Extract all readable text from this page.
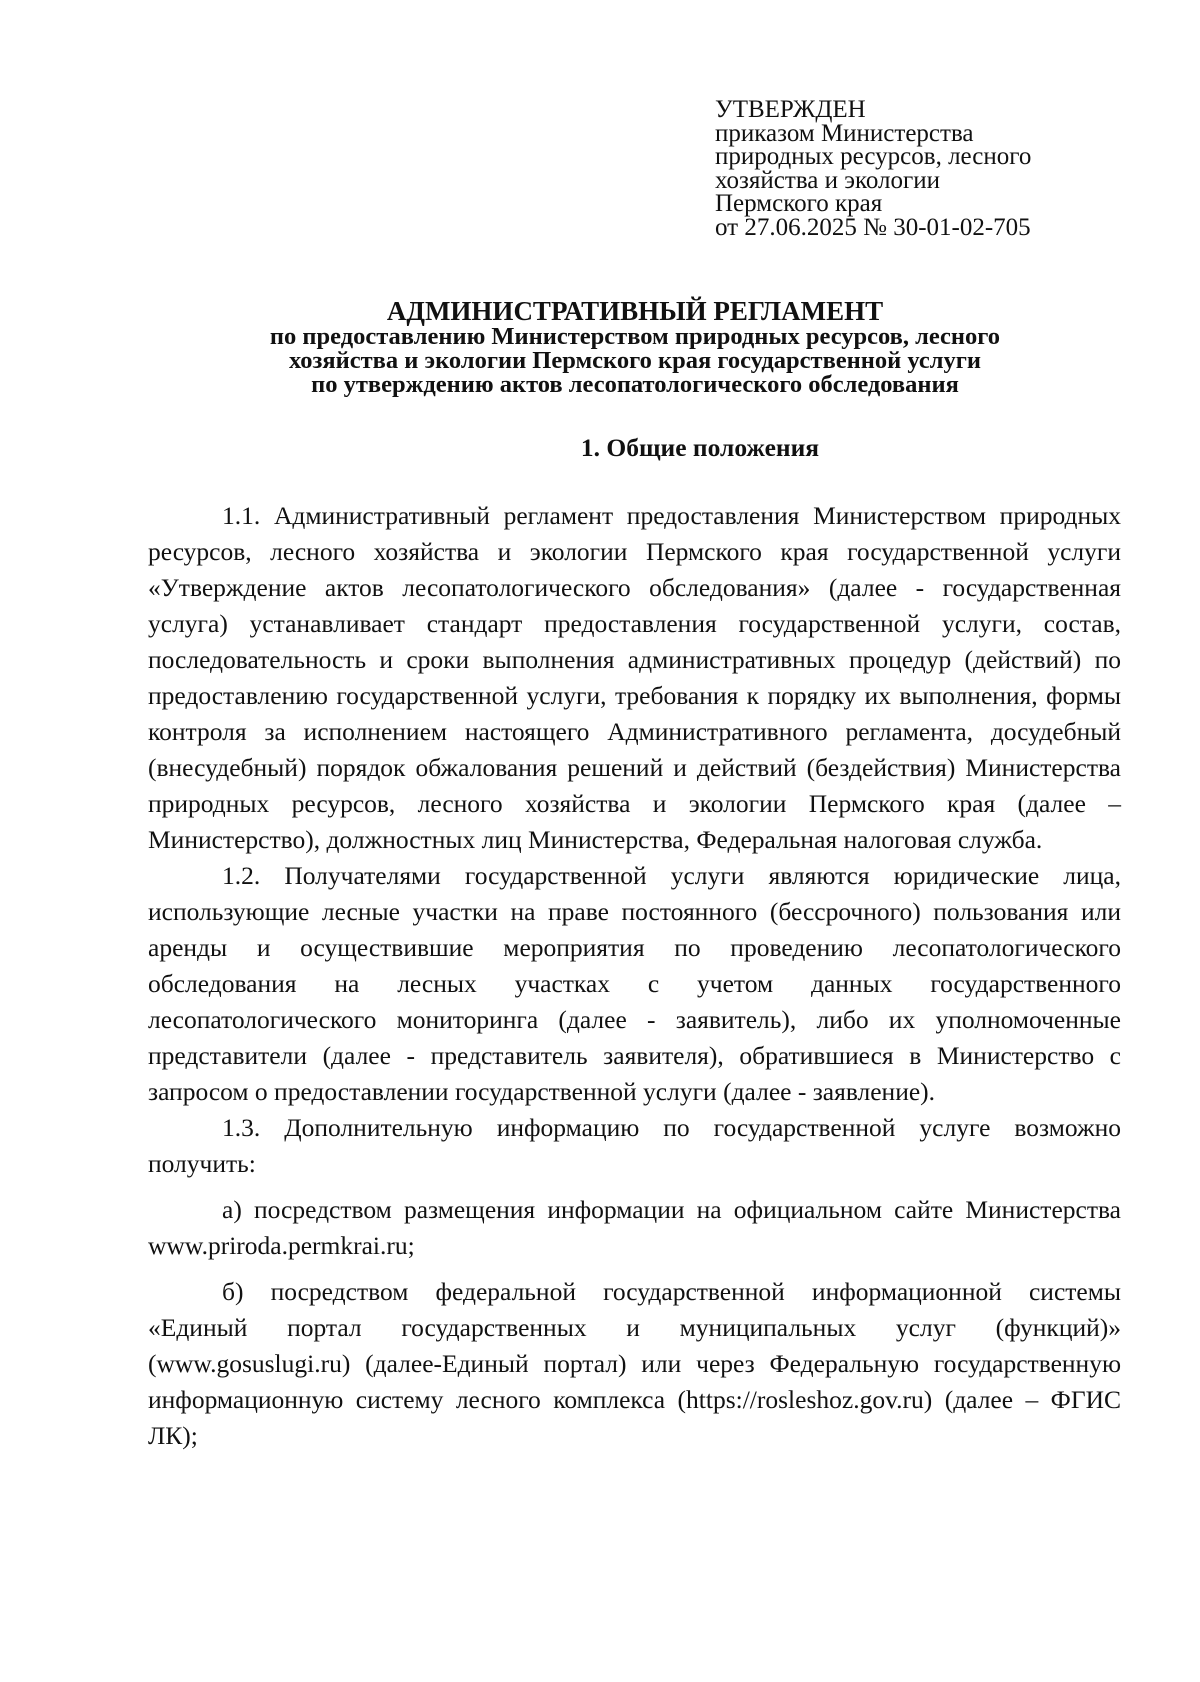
УТВЕРЖДЕН
приказом Министерства
природных ресурсов, лесного
хозяйства и экологии
Пермского края
от 27.06.2025 № 30-01-02-705
АДМИНИСТРАТИВНЫЙ РЕГЛАМЕНТ
по предоставлению Министерством природных ресурсов, лесного
хозяйства и экологии Пермского края государственной услуги
по утверждению актов лесопатологического обследования
1. Общие положения

1.1. Административный регламент предоставления Министерством природных ресурсов, лесного хозяйства и экологии Пермского края государственной услуги «Утверждение актов лесопатологического обследования» (далее - государственная услуга) устанавливает стандарт предоставления государственной услуги, состав, последовательность и сроки выполнения административных процедур (действий) по предоставлению государственной услуги, требования к порядку их выполнения, формы контроля за исполнением настоящего Административного регламента, досудебный (внесудебный) порядок обжалования решений и действий (бездействия) Министерства природных ресурсов, лесного хозяйства и экологии Пермского края (далее – Министерство), должностных лиц Министерства, Федеральная налоговая служба.

1.2. Получателями государственной услуги являются юридические лица, использующие лесные участки на праве постоянного (бессрочного) пользования или аренды и осуществившие мероприятия по проведению лесопатологического обследования на лесных участках с учетом данных государственного лесопатологического мониторинга (далее - заявитель), либо их уполномоченные представители (далее - представитель заявителя), обратившиеся в Министерство с запросом о предоставлении государственной услуги (далее - заявление).

1.3. Дополнительную информацию по государственной услуге возможно получить:

а) посредством размещения информации на официальном сайте Министерства www.priroda.permkrai.ru;

б) посредством федеральной государственной информационной системы «Единый портал государственных и муниципальных услуг (функций)» (www.gosuslugi.ru) (далее-Единый портал) или через Федеральную государственную информационную систему лесного комплекса (https://rosleshoz.gov.ru) (далее – ФГИС ЛК);
